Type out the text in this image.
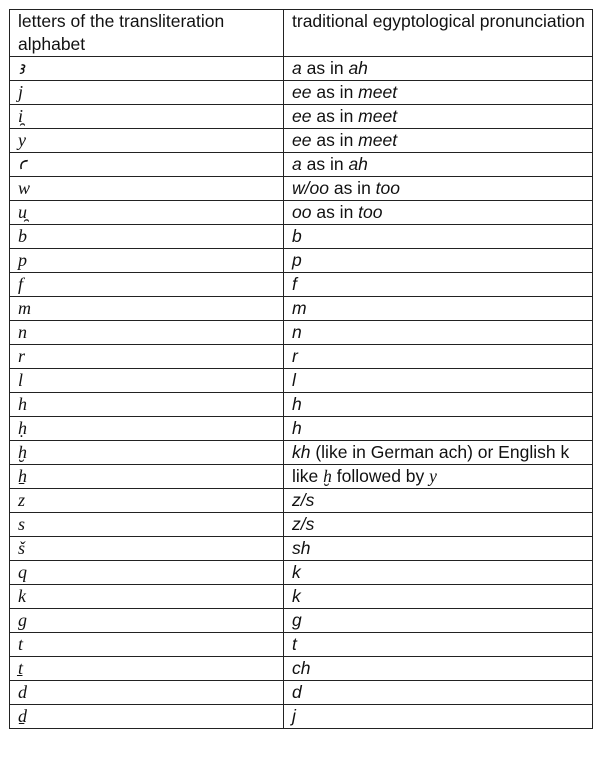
letters of the transliteration alphabet	traditional egyptological pronunciation
ꜣ	a as in ah
j	ee as in meet
i̯	ee as in meet
y	ee as in meet
ꜥ	a as in ah
w	w/oo as in too
u̯	oo as in too
b	b
p	p
f	f
m	m
n	n
r	r
l	l
h	h
ḥ	h
ḫ	kh (like in German ach) or English k
ẖ	like ḫ followed by y
z	z/s
s	z/s
š	sh
q	k
k	k
g	g
t	t
ṯ	ch
d	d
ḏ	j
